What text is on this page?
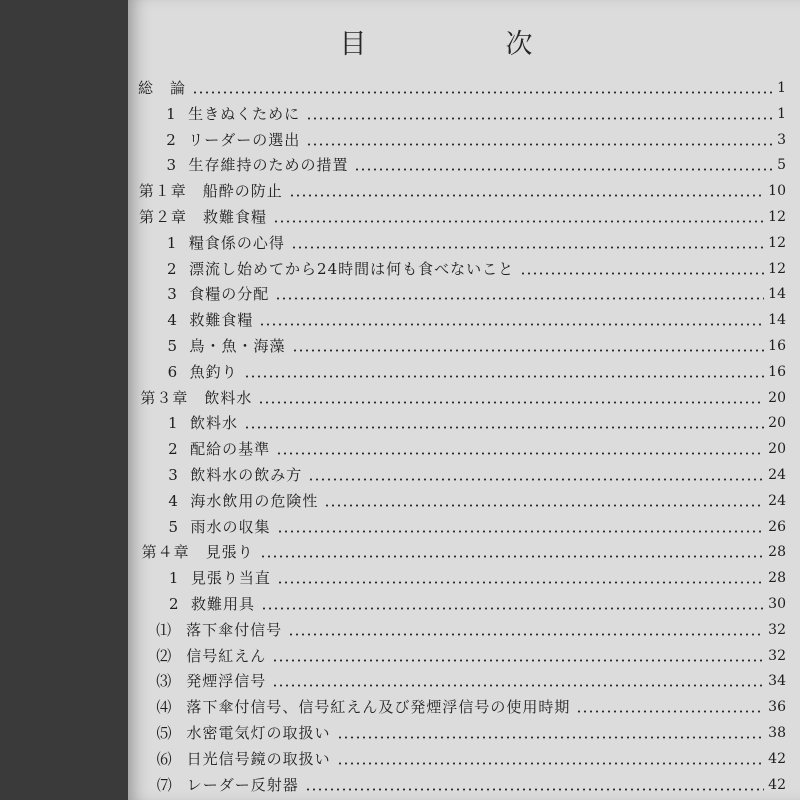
目　次
総　論	1
1 生きぬくために	1
2 リーダーの選出	3
3 生存維持のための措置	5
第１章　船酔の防止	10
第２章　救難食糧	12
1 糧食係の心得	12
2 漂流し始めてから24時間は何も食べないこと	12
3 食糧の分配	14
4 救難食糧	14
5 鳥・魚・海藻	16
6 魚釣り	16
第３章　飲料水	20
1 飲料水	20
2 配給の基準	20
3 飲料水の飲み方	24
4 海水飲用の危険性	24
5 雨水の収集	26
第４章　見張り	28
1 見張り当直	28
2 救難用具	30
⑴ 落下傘付信号	32
⑵ 信号紅えん	32
⑶ 発煙浮信号	34
⑷ 落下傘付信号、信号紅えん及び発煙浮信号の使用時期	36
⑸ 水密電気灯の取扱い	38
⑹ 日光信号鏡の取扱い	42
⑺ レーダー反射器	42
